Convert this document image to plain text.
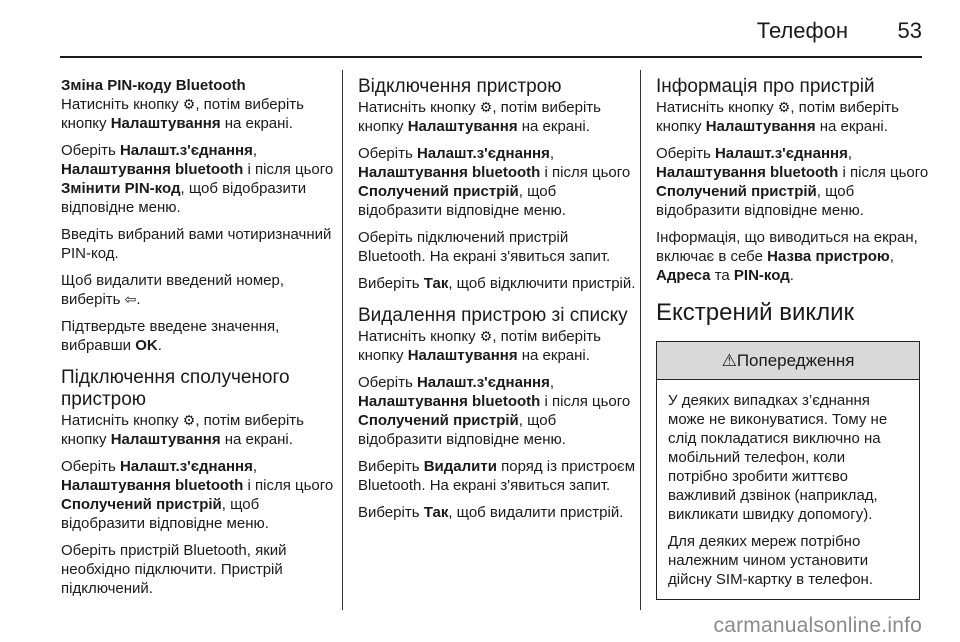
Телефон 53

Зміна PIN-коду Bluetooth

Натисніть кнопку ⚙, потім виберіть кнопку Налаштування на екрані.

Оберіть Налашт.з'єднання, Налаштування bluetooth і після цього Змінити PIN-код, щоб відобразити відповідне меню.

Введіть вибраний вами чотиризначний PIN-код.

Щоб видалити введений номер, виберіть ⇦.

Підтвердьте введене значення, вибравши OK.

Підключення сполученого пристрою

Натисніть кнопку ⚙, потім виберіть кнопку Налаштування на екрані.

Оберіть Налашт.з'єднання, Налаштування bluetooth і після цього Сполучений пристрій, щоб відобразити відповідне меню.

Оберіть пристрій Bluetooth, який необхідно підключити. Пристрій підключений.

Відключення пристрою

Натисніть кнопку ⚙, потім виберіть кнопку Налаштування на екрані.

Оберіть Налашт.з'єднання, Налаштування bluetooth і після цього Сполучений пристрій, щоб відобразити відповідне меню.

Оберіть підключений пристрій Bluetooth. На екрані з'явиться запит.

Виберіть Так, щоб відключити пристрій.

Видалення пристрою зі списку

Натисніть кнопку ⚙, потім виберіть кнопку Налаштування на екрані.

Оберіть Налашт.з'єднання, Налаштування bluetooth і після цього Сполучений пристрій, щоб відобразити відповідне меню.

Виберіть Видалити поряд із пристроєм Bluetooth. На екрані з'явиться запит.

Виберіть Так, щоб видалити пристрій.

Інформація про пристрій

Натисніть кнопку ⚙, потім виберіть кнопку Налаштування на екрані.

Оберіть Налашт.з'єднання, Налаштування bluetooth і після цього Сполучений пристрій, щоб відобразити відповідне меню.

Інформація, що виводиться на екран, включає в себе Назва пристрою, Адреса та PIN-код.

Екстрений виклик

⚠Попередження

У деяких випадках з’єднання може не виконуватися. Тому не слід покладатися виключно на мобільний телефон, коли потрібно зробити життєво важливий дзвінок (наприклад, викликати швидку допомогу).

Для деяких мереж потрібно належним чином установити дійсну SIM-картку в телефон.

carmanualsonline.info
